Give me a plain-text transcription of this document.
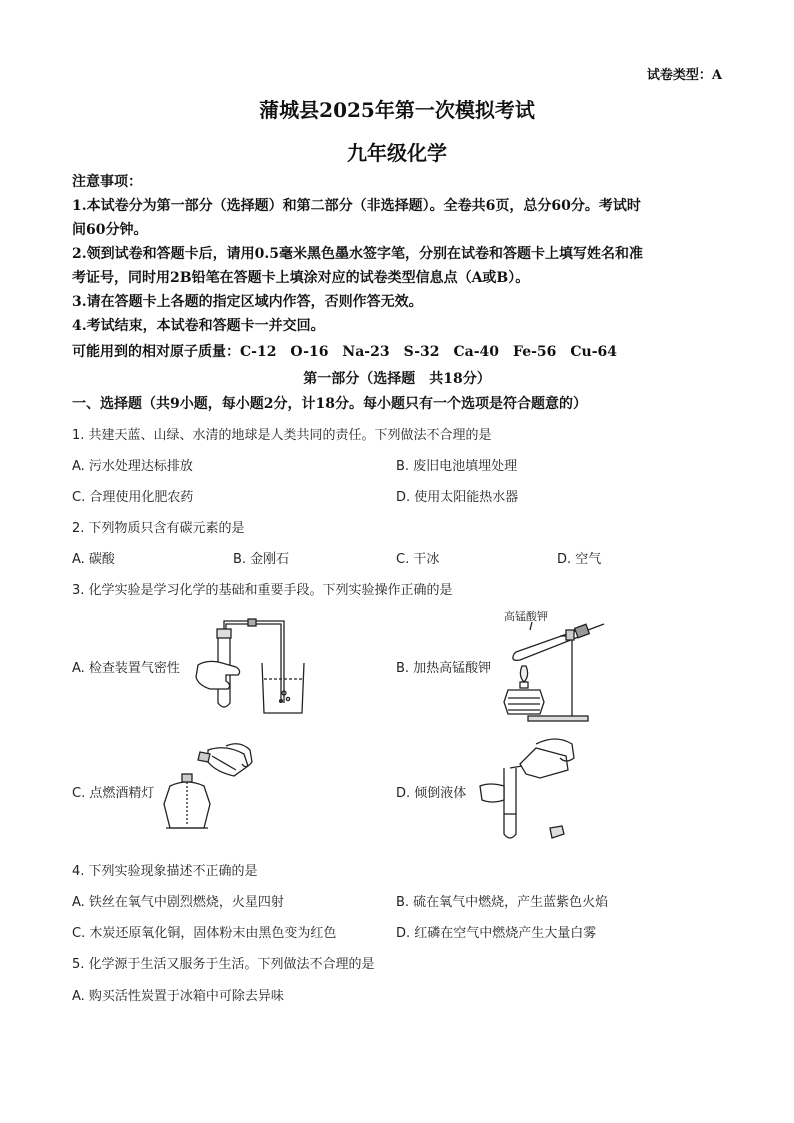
试卷类型：A
蒲城县2025年第一次模拟考试
九年级化学
注意事项：
1.本试卷分为第一部分（选择题）和第二部分（非选择题）。全卷共6页，总分60分。考试时
间60分钟。
2.领到试卷和答题卡后，请用0.5毫米黑色墨水签字笔，分别在试卷和答题卡上填写姓名和准
考证号，同时用2B铅笔在答题卡上填涂对应的试卷类型信息点（A或B）。
3.请在答题卡上各题的指定区域内作答，否则作答无效。
4.考试结束，本试卷和答题卡一并交回。
可能用到的相对原子质量：C-12　O-16　Na-23　S-32　Ca-40　Fe-56　Cu-64
第一部分（选择题　共18分）
一、选择题（共9小题，每小题2分，计18分。每小题只有一个选项是符合题意的）
1. 共建天蓝、山绿、水清的地球是人类共同的责任。下列做法不合理的是
A. 污水处理达标排放	B. 废旧电池填埋处理
C. 合理使用化肥农药	D. 使用太阳能热水器
2. 下列物质只含有碳元素的是
A. 碳酸	B. 金刚石	C. 干冰	D. 空气
3. 化学实验是学习化学的基础和重要手段。下列实验操作正确的是
A. 检查装置气密性	B. 加热高锰酸钾
C. 点燃酒精灯	D. 倾倒液体
高锰酸钾
4. 下列实验现象描述不正确的是
A. 铁丝在氧气中剧烈燃烧，火星四射	B. 硫在氧气中燃烧，产生蓝紫色火焰
C. 木炭还原氧化铜，固体粉末由黑色变为红色	D. 红磷在空气中燃烧产生大量白雾
5. 化学源于生活又服务于生活。下列做法不合理的是
A. 购买活性炭置于冰箱中可除去异味
